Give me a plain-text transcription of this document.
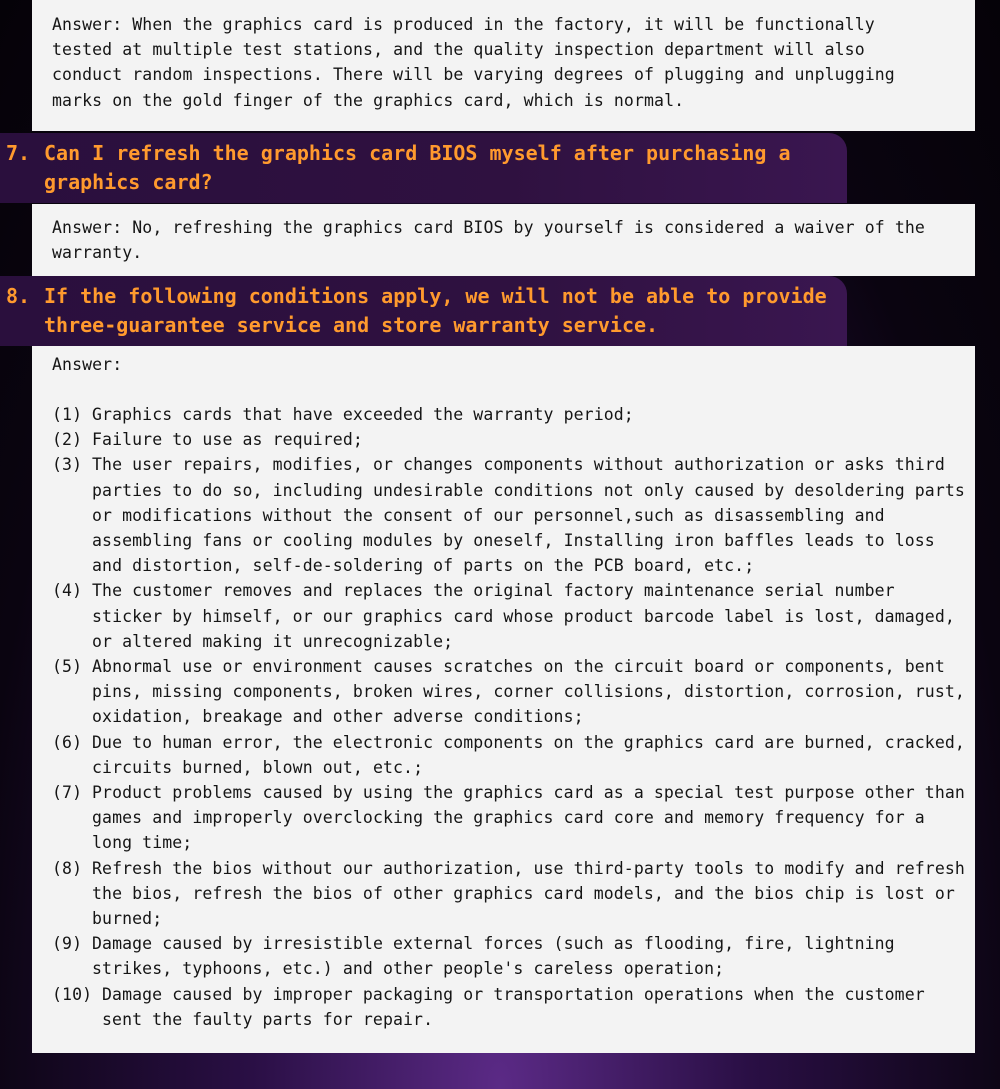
Answer: When the graphics card is produced in the factory, it will be functionally
tested at multiple test stations, and the quality inspection department will also
conduct random inspections. There will be varying degrees of plugging and unplugging
marks on the gold finger of the graphics card, which is normal.

7. Can I refresh the graphics card BIOS myself after purchasing a graphics card?

Answer: No, refreshing the graphics card BIOS by yourself is considered a waiver of the
warranty.

8. If the following conditions apply, we will not be able to provide three-guarantee service and store warranty service.

Answer:

(1) Graphics cards that have exceeded the warranty period;
(2) Failure to use as required;
(3) The user repairs, modifies, or changes components without authorization or asks third parties to do so, including undesirable conditions not only caused by desoldering parts or modifications without the consent of our personnel,such as disassembling and assembling fans or cooling modules by oneself, Installing iron baffles leads to loss and distortion, self-de-soldering of parts on the PCB board, etc.;
(4) The customer removes and replaces the original factory maintenance serial number sticker by himself, or our graphics card whose product barcode label is lost, damaged, or altered making it unrecognizable;
(5) Abnormal use or environment causes scratches on the circuit board or components, bent pins, missing components, broken wires, corner collisions, distortion, corrosion, rust, oxidation, breakage and other adverse conditions;
(6) Due to human error, the electronic components on the graphics card are burned, cracked, circuits burned, blown out, etc.;
(7) Product problems caused by using the graphics card as a special test purpose other than games and improperly overclocking the graphics card core and memory frequency for a long time;
(8) Refresh the bios without our authorization, use third-party tools to modify and refresh the bios, refresh the bios of other graphics card models, and the bios chip is lost or burned;
(9) Damage caused by irresistible external forces (such as flooding, fire, lightning strikes, typhoons, etc.) and other people's careless operation;
(10) Damage caused by improper packaging or transportation operations when the customer sent the faulty parts for repair.
